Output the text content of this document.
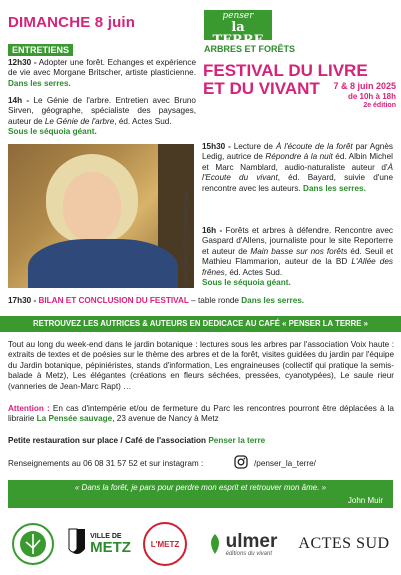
DIMANCHE 8 juin
ENTRETIENS
penser
la TERRE
ARBRES ET FORÊTS
FESTIVAL DU LIVRE
ET DU VIVANT	7 & 8 juin 2025
de 10h à 18h
2e édition
12h30 - Adopter une forêt. Echanges et expérience de vie avec Morgane Britscher, artiste plasticienne. Dans les serres.
14h - Le Génie de l'arbre. Entretien avec Bruno Sirven, géographe, spécialiste des paysages, auteur de Le Génie de l'arbre, éd. Actes Sud.
Sous le séquoia géant.
Agnès Ledig © Eric Matheron-Balay
15h30 - Lecture de À l'écoute de la forêt par Agnès Ledig, autrice de Répondre à la nuit éd. Albin Michel et Marc Namblard, audio-naturaliste auteur d'À l'Ecoute du vivant, éd. Bayard, suivie d'une rencontre avec les auteurs. Dans les serres.
16h - Forêts et arbres à défendre. Rencontre avec Gaspard d'Allens, journaliste pour le site Reporterre et auteur de Main basse sur nos forêts éd. Seuil et Mathieu Flammarion, auteur de la BD L'Allée des frênes, éd. Actes Sud.
Sous le séquoia géant.
17h30 - BILAN ET CONCLUSION DU FESTIVAL – table ronde Dans les serres.
RETROUVEZ LES AUTRICES & AUTEURS EN DEDICACE AU CAFÉ « PENSER LA TERRE »
Tout au long du week-end dans le jardin botanique : lectures sous les arbres par l'association Voix haute : extraits de textes et de poésies sur le thème des arbres et de la forêt, visites guidées du jardin par l'équipe du Jardin botanique, pépiniéristes, stands d'information, Les engraineuses (collectif qui pratique la semis-balade à Metz), Les élégantes (créations en fleurs séchées, pressées, cyanotypées), Le saule rieur (vanneries de Jean-Marc Rapt) …
Attention : En cas d'intempérie et/ou de fermeture du Parc les rencontres pourront être déplacées à la librairie La Pensée sauvage, 23 avenue de Nancy à Metz
Petite restauration sur place / Café de l'association Penser la terre
Renseignements au 06 08 31 57 52 et sur instagram :	/penser_la_terre/
« Dans la forêt, je pars pour perdre mon esprit et retrouver mon âme. »
John Muir
VILLE DE
METZ L'METZ ulmer
éditions du vivant
ACTES SUD
